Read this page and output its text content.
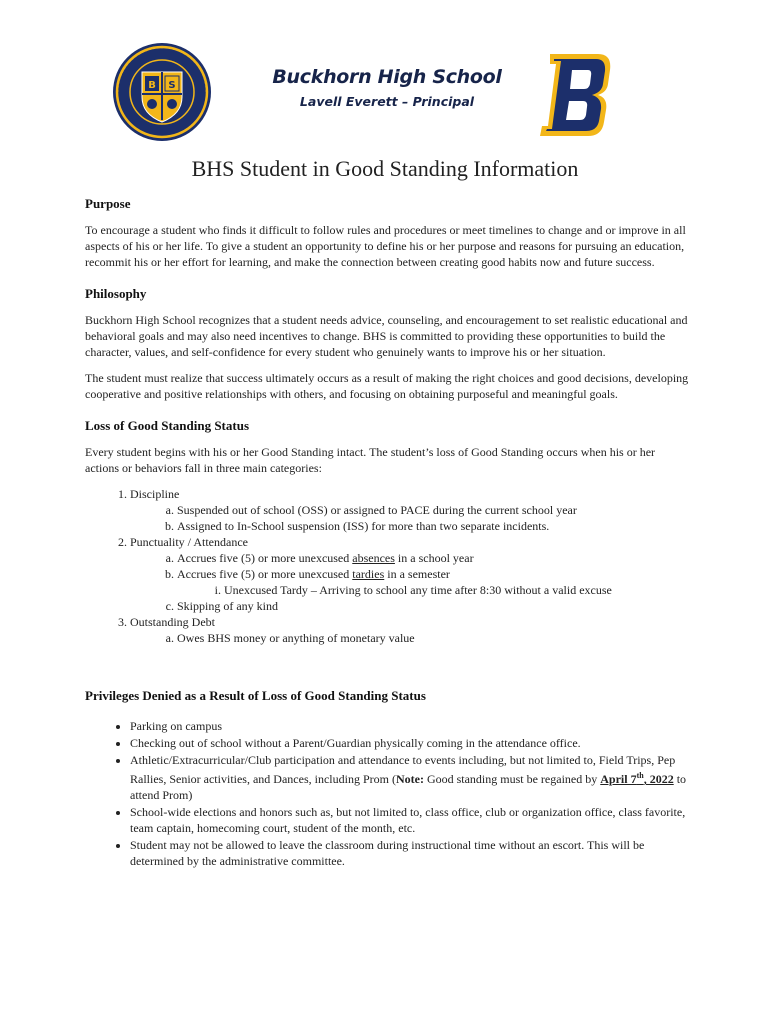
B S	Buckhorn High School
Lavell Everett – Principal
BHS Student in Good Standing Information
Purpose

To encourage a student who finds it difficult to follow rules and procedures or meet timelines to change and or improve in all aspects of his or her life. To give a student an opportunity to define his or her purpose and reasons for pursuing an education, recommit his or her effort for learning, and make the connection between creating good habits now and future success.

Philosophy

Buckhorn High School recognizes that a student needs advice, counseling, and encouragement to set realistic educational and behavioral goals and may also need incentives to change. BHS is committed to providing these opportunities to build the character, values, and self-confidence for every student who genuinely wants to improve his or her situation.

The student must realize that success ultimately occurs as a result of making the right choices and good decisions, developing cooperative and positive relationships with others, and focusing on obtaining purposeful and meaningful goals.

Loss of Good Standing Status

Every student begins with his or her Good Standing intact. The student’s loss of Good Standing occurs when his or her actions or behaviors fall in three main categories:

1. Discipline
a. Suspended out of school (OSS) or assigned to PACE during the current school year
b. Assigned to In-School suspension (ISS) for more than two separate incidents.
2. Punctuality / Attendance
a. Accrues five (5) or more unexcused absences in a school year
b. Accrues five (5) or more unexcused tardies in a semester
i. Unexcused Tardy – Arriving to school any time after 8:30 without a valid excuse
c. Skipping of any kind
3. Outstanding Debt
a. Owes BHS money or anything of monetary value
Privileges Denied as a Result of Loss of Good Standing Status
• Parking on campus
• Checking out of school without a Parent/Guardian physically coming in the attendance office.
• Athletic/Extracurricular/Club participation and attendance to events including, but not limited to, Field Trips, Pep Rallies, Senior activities, and Dances, including Prom (Note: Good standing must be regained by April 7th, 2022 to attend Prom)
• School-wide elections and honors such as, but not limited to, class office, club or organization office, class favorite, team captain, homecoming court, student of the month, etc.
• Student may not be allowed to leave the classroom during instructional time without an escort. This will be determined by the administrative committee.
